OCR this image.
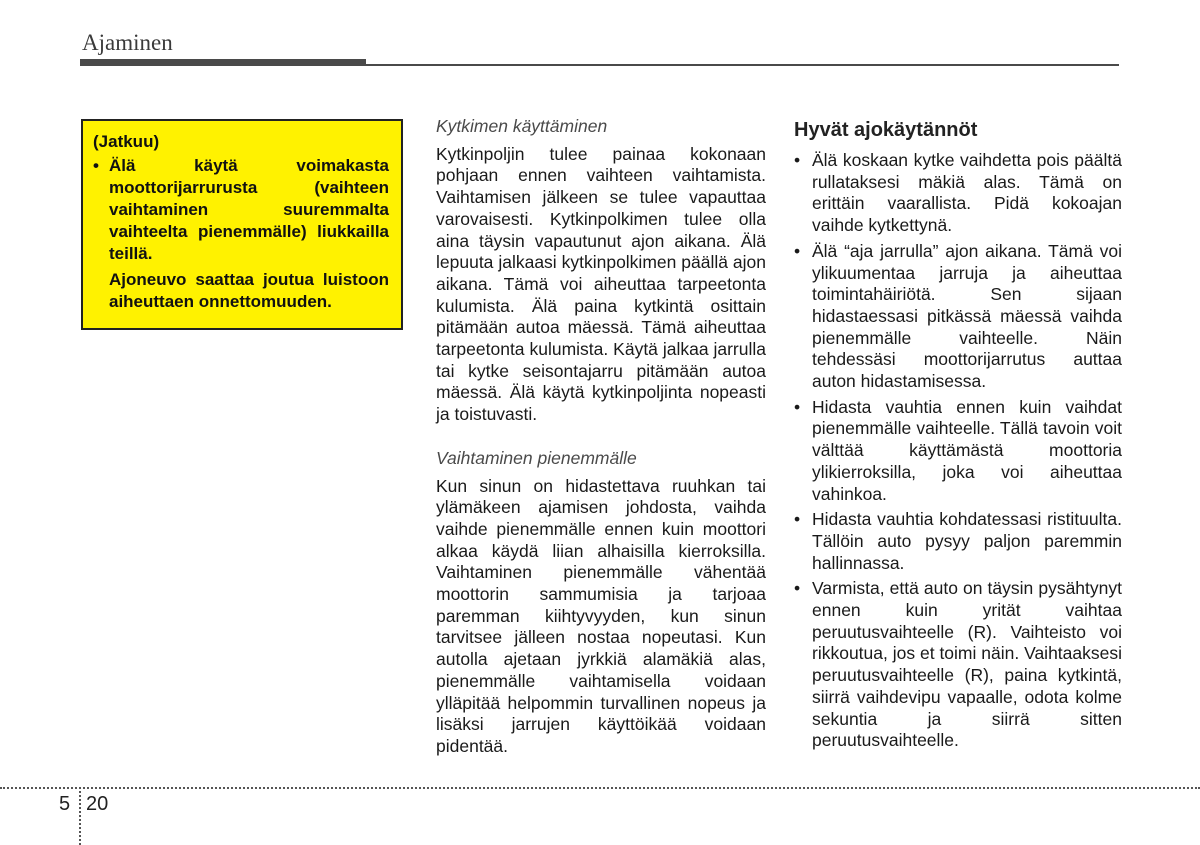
Ajaminen
(Jatkuu)
• Älä käytä voimakasta moottorijarrurusta (vaihteen vaihtaminen suuremmalta vaihteelta pienemmälle) liukkailla teillä.
Ajoneuvo saattaa joutua luistoon aiheuttaen onnettomuuden.
Kytkimen käyttäminen

Kytkinpoljin tulee painaa kokonaan pohjaan ennen vaihteen vaihtamista. Vaihtamisen jälkeen se tulee vapauttaa varovaisesti. Kytkinpolkimen tulee olla aina täysin vapautunut ajon aikana. Älä lepuuta jalkaasi kytkinpolkimen päällä ajon aikana. Tämä voi aiheuttaa tarpeetonta kulumista. Älä paina kytkintä osittain pitämään autoa mäessä. Tämä aiheuttaa tarpeetonta kulumista. Käytä jalkaa jarrulla tai kytke seisontajarru pitämään autoa mäessä. Älä käytä kytkinpoljinta nopeasti ja toistuvasti.

Vaihtaminen pienemmälle

Kun sinun on hidastettava ruuhkan tai ylämäkeen ajamisen johdosta, vaihda vaihde pienemmälle ennen kuin moottori alkaa käydä liian alhaisilla kierroksilla. Vaihtaminen pienemmälle vähentää moottorin sammumisia ja tarjoaa paremman kiihtyvyyden, kun sinun tarvitsee jälleen nostaa nopeutasi. Kun autolla ajetaan jyrkkiä alamäkiä alas, pienemmälle vaihtamisella voidaan ylläpitää helpommin turvallinen nopeus ja lisäksi jarrujen käyttöikää voidaan pidentää.

Hyvät ajokäytännöt
• Älä koskaan kytke vaihdetta pois päältä rullataksesi mäkiä alas. Tämä on erittäin vaarallista. Pidä kokoajan vaihde kytkettynä.
• Älä “aja jarrulla” ajon aikana. Tämä voi ylikuumentaa jarruja ja aiheuttaa toimintahäiriötä. Sen sijaan hidastaessasi pitkässä mäessä vaihda pienemmälle vaihteelle. Näin tehdessäsi moottorijarrutus auttaa auton hidastamisessa.
• Hidasta vauhtia ennen kuin vaihdat pienemmälle vaihteelle. Tällä tavoin voit välttää käyttämästä moottoria ylikierroksilla, joka voi aiheuttaa vahinkoa.
• Hidasta vauhtia kohdatessasi ristituulta. Tällöin auto pysyy paljon paremmin hallinnassa.
• Varmista, että auto on täysin pysähtynyt ennen kuin yrität vaihtaa peruutusvaihteelle (R). Vaihteisto voi rikkoutua, jos et toimi näin. Vaihtaaksesi peruutusvaihteelle (R), paina kytkintä, siirrä vaihdevipu vapaalle, odota kolme sekuntia ja siirrä sitten peruutusvaihteelle.
5 20
